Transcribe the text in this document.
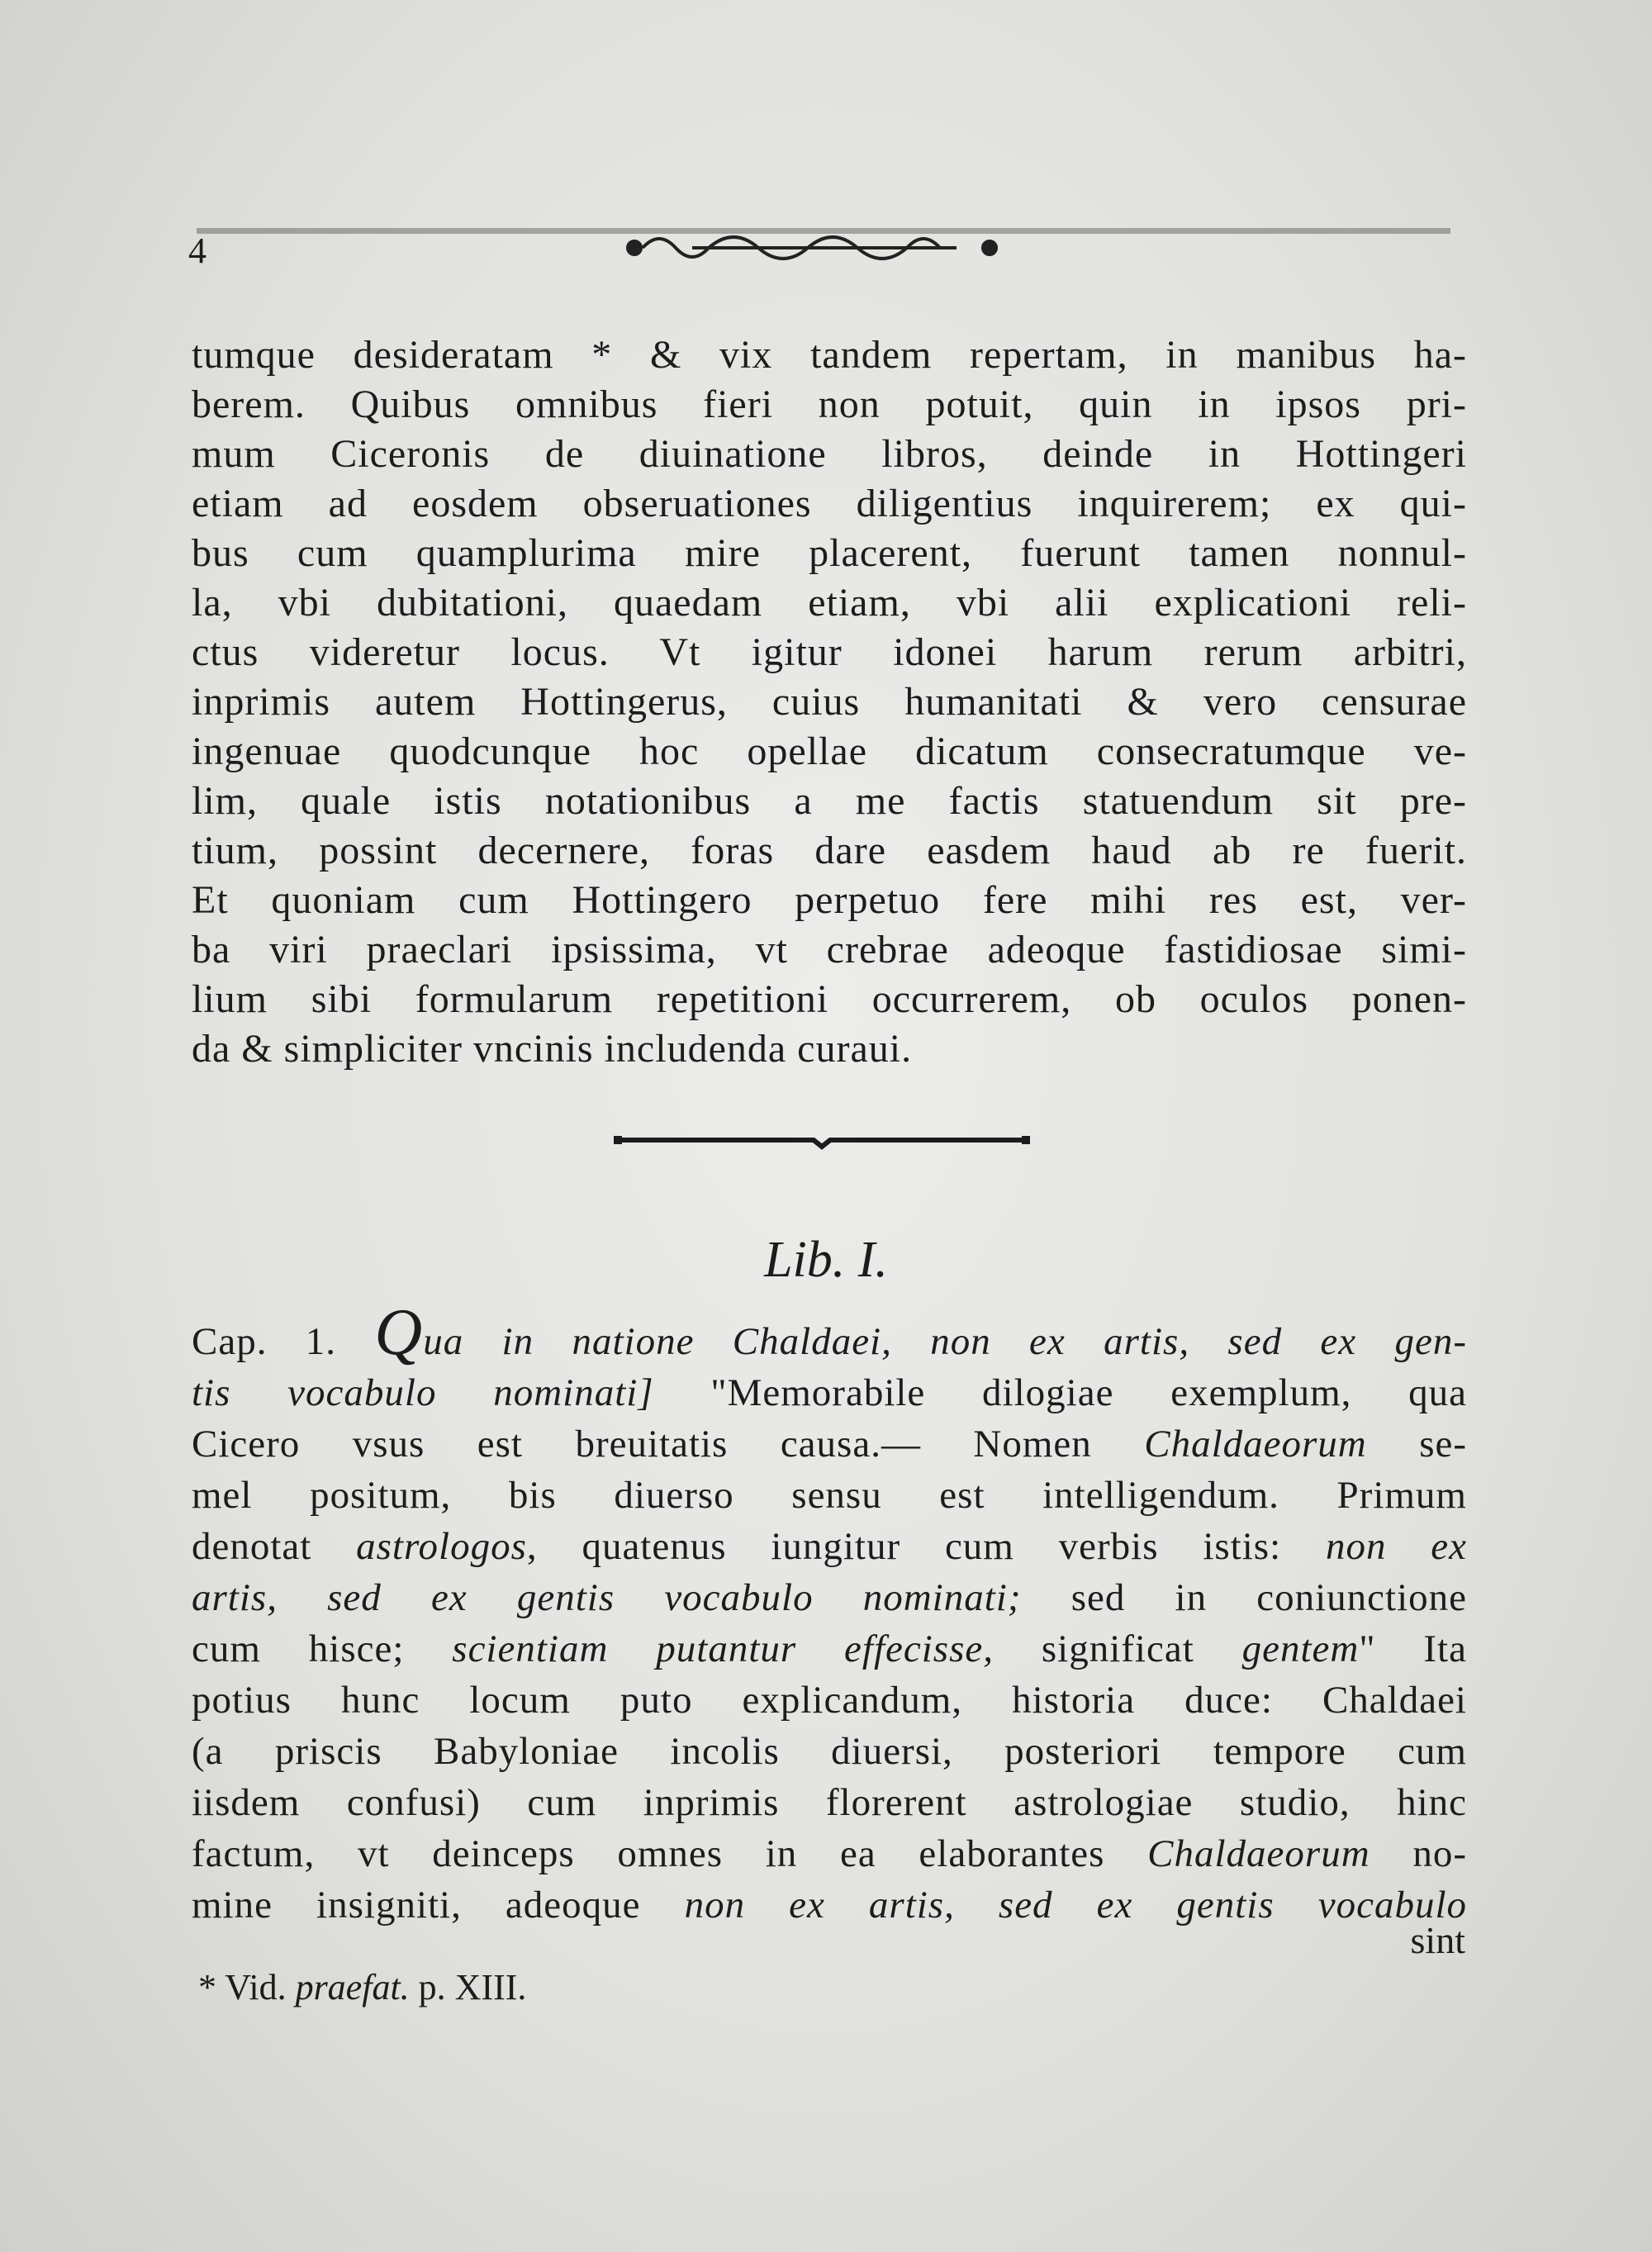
4
tumque desideratam * & vix tandem repertam, in manibus ha-
berem. Quibus omnibus fieri non potuit, quin in ipsos pri-
mum Ciceronis de diuinatione libros, deinde in Hottingeri
etiam ad eosdem obseruationes diligentius inquirerem; ex qui-
bus cum quamplurima mire placerent, fuerunt tamen nonnul-
la, vbi dubitationi, quaedam etiam, vbi alii explicationi reli-
ctus videretur locus. Vt igitur idonei harum rerum arbitri,
inprimis autem Hottingerus, cuius humanitati & vero censurae
ingenuae quodcunque hoc opellae dicatum consecratumque ve-
lim, quale istis notationibus a me factis statuendum sit pre-
tium, possint decernere, foras dare easdem haud ab re fuerit.
Et quoniam cum Hottingero perpetuo fere mihi res est, ver-
ba viri praeclari ipsissima, vt crebrae adeoque fastidiosae simi-
lium sibi formularum repetitioni occurrerem, ob oculos ponen-
da & simpliciter vncinis includenda curaui.
Lib. I.
Cap. 1. Qua in natione Chaldaei, non ex artis, sed ex gen-
tis vocabulo nominati] "Memorabile dilogiae exemplum, qua
Cicero vsus est breuitatis causa.— Nomen Chaldaeorum se-
mel positum, bis diuerso sensu est intelligendum. Primum
denotat astrologos, quatenus iungitur cum verbis istis: non ex
artis, sed ex gentis vocabulo nominati; sed in coniunctione
cum hisce; scientiam putantur effecisse, significat gentem" Ita
potius hunc locum puto explicandum, historia duce: Chaldaei
(a priscis Babyloniae incolis diuersi, posteriori tempore cum
iisdem confusi) cum inprimis florerent astrologiae studio, hinc
factum, vt deinceps omnes in ea elaborantes Chaldaeorum no-
mine insigniti, adeoque non ex artis, sed ex gentis vocabulo
sint
* Vid. praefat. p. XIII.
